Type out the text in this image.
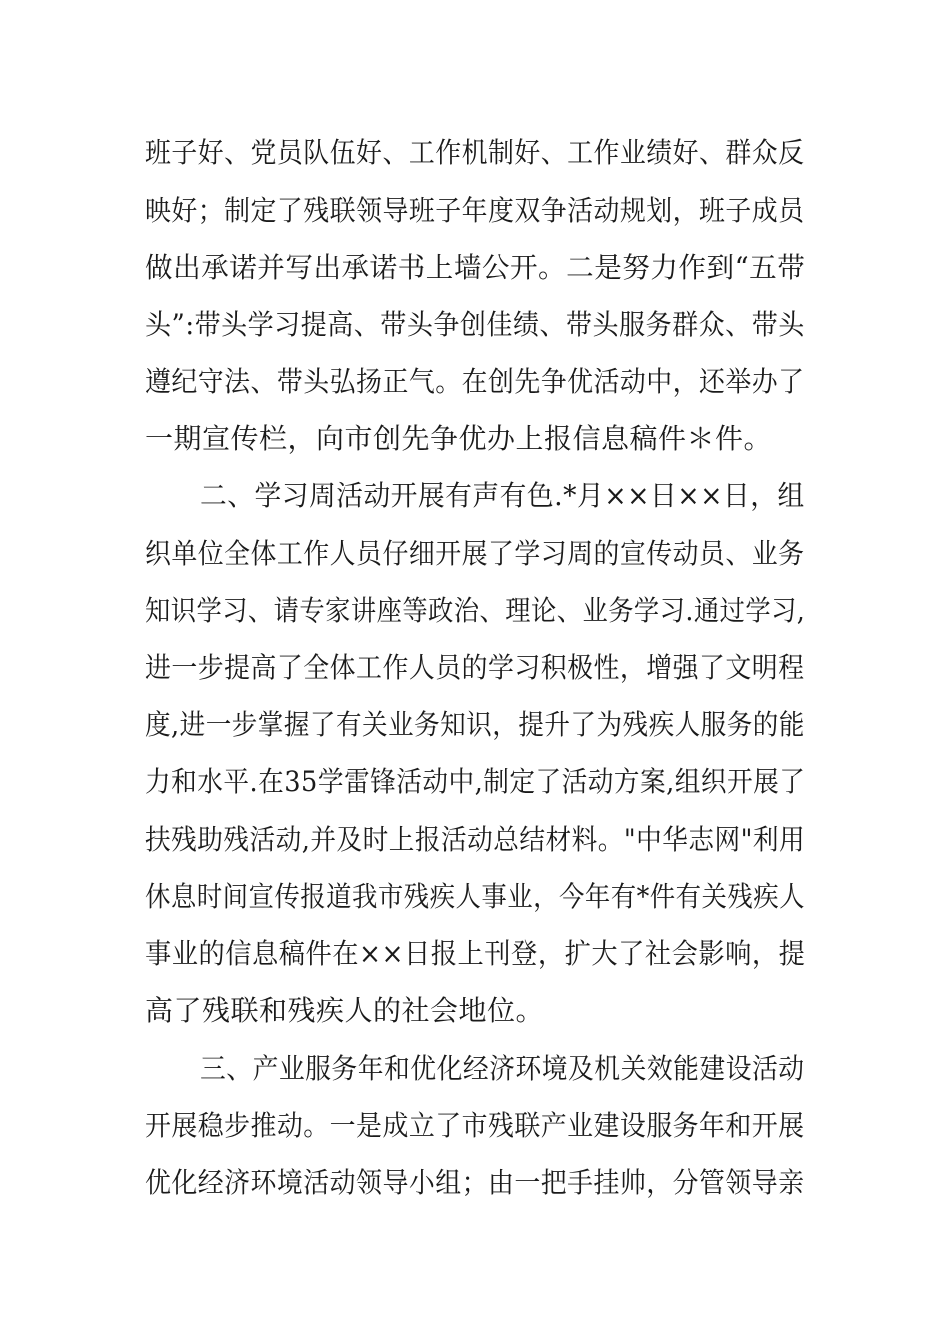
班子好、党员队伍好、工作机制好、工作业绩好、群众反
映好；制定了残联领导班子年度双争活动规划，班子成员
做出承诺并写出承诺书上墙公开。二是努力作到“五带
头”:带头学习提高、带头争创佳绩、带头服务群众、带头
遵纪守法、带头弘扬正气。在创先争优活动中，还举办了
一期宣传栏，向市创先争优办上报信息稿件＊件。
二、学习周活动开展有声有色.*月××日××日，组
织单位全体工作人员仔细开展了学习周的宣传动员、业务
知识学习、请专家讲座等政治、理论、业务学习.通过学习,
进一步提高了全体工作人员的学习积极性，增强了文明程
度,进一步掌握了有关业务知识，提升了为残疾人服务的能
力和水平.在35学雷锋活动中,制定了活动方案,组织开展了
扶残助残活动,并及时上报活动总结材料。"中华志网"利用
休息时间宣传报道我市残疾人事业，今年有*件有关残疾人
事业的信息稿件在××日报上刊登，扩大了社会影响，提
高了残联和残疾人的社会地位。
三、产业服务年和优化经济环境及机关效能建设活动
开展稳步推动。一是成立了市残联产业建设服务年和开展
优化经济环境活动领导小组；由一把手挂帅，分管领导亲
